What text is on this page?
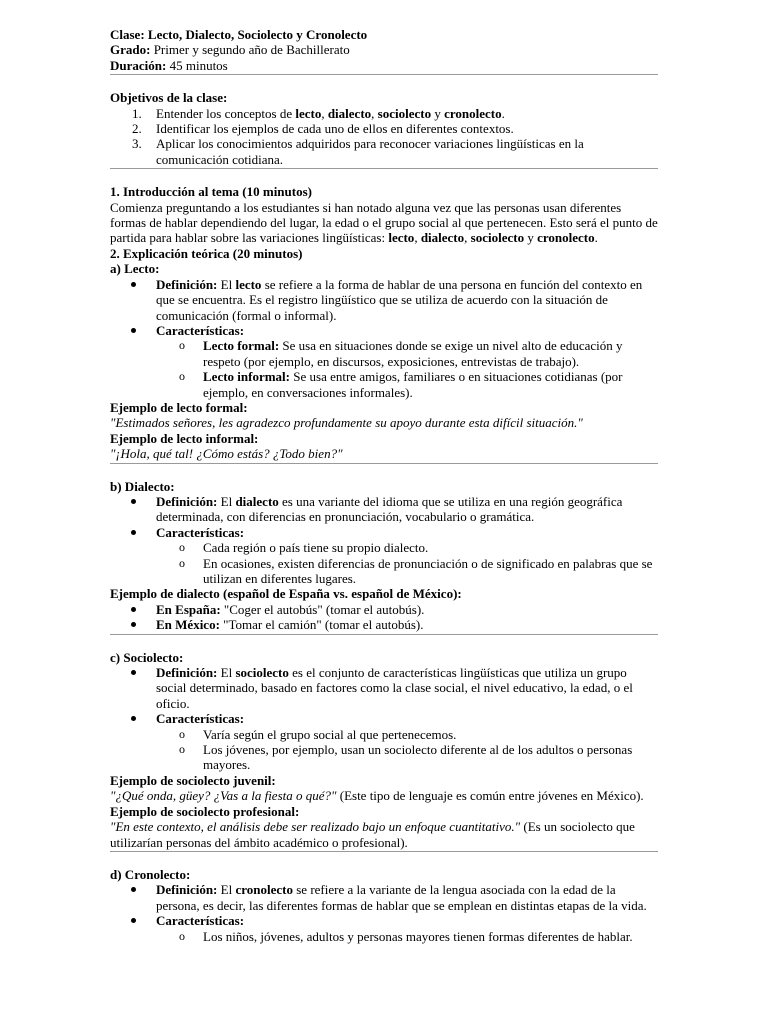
Clase: Lecto, Dialecto, Sociolecto y Cronolecto

Grado: Primer y segundo año de Bachillerato

Duración: 45 minutos

Objetivos de la clase:

1. Entender los conceptos de lecto, dialecto, sociolecto y cronolecto.
2. Identificar los ejemplos de cada uno de ellos en diferentes contextos.
3. Aplicar los conocimientos adquiridos para reconocer variaciones lingüísticas en la comunicación cotidiana.

1. Introducción al tema (10 minutos)

Comienza preguntando a los estudiantes si han notado alguna vez que las personas usan diferentes formas de hablar dependiendo del lugar, la edad o el grupo social al que pertenecen. Esto será el punto de partida para hablar sobre las variaciones lingüísticas: lecto, dialecto, sociolecto y cronolecto.

2. Explicación teórica (20 minutos)

a) Lecto:

Definición: El lecto se refiere a la forma de hablar de una persona en función del contexto en que se encuentra. Es el registro lingüístico que se utiliza de acuerdo con la situación de comunicación (formal o informal).
Características:
o Lecto formal: Se usa en situaciones donde se exige un nivel alto de educación y respeto (por ejemplo, en discursos, exposiciones, entrevistas de trabajo).
o Lecto informal: Se usa entre amigos, familiares o en situaciones cotidianas (por ejemplo, en conversaciones informales).

Ejemplo de lecto formal:

"Estimados señores, les agradezco profundamente su apoyo durante esta difícil situación."

Ejemplo de lecto informal:

"¡Hola, qué tal! ¿Cómo estás? ¿Todo bien?"

b) Dialecto:

Definición: El dialecto es una variante del idioma que se utiliza en una región geográfica determinada, con diferencias en pronunciación, vocabulario o gramática.
Características:
o Cada región o país tiene su propio dialecto.
o En ocasiones, existen diferencias de pronunciación o de significado en palabras que se utilizan en diferentes lugares.

Ejemplo de dialecto (español de España vs. español de México):

En España: "Coger el autobús" (tomar el autobús).
En México: "Tomar el camión" (tomar el autobús).

c) Sociolecto:

Definición: El sociolecto es el conjunto de características lingüísticas que utiliza un grupo social determinado, basado en factores como la clase social, el nivel educativo, la edad, o el oficio.
Características:
o Varía según el grupo social al que pertenecemos.
o Los jóvenes, por ejemplo, usan un sociolecto diferente al de los adultos o personas mayores.

Ejemplo de sociolecto juvenil:

"¿Qué onda, güey? ¿Vas a la fiesta o qué?" (Este tipo de lenguaje es común entre jóvenes en México).

Ejemplo de sociolecto profesional:

"En este contexto, el análisis debe ser realizado bajo un enfoque cuantitativo." (Es un sociolecto que utilizarían personas del ámbito académico o profesional).

d) Cronolecto:

Definición: El cronolecto se refiere a la variante de la lengua asociada con la edad de la persona, es decir, las diferentes formas de hablar que se emplean en distintas etapas de la vida.
Características:
o Los niños, jóvenes, adultos y personas mayores tienen formas diferentes de hablar.
